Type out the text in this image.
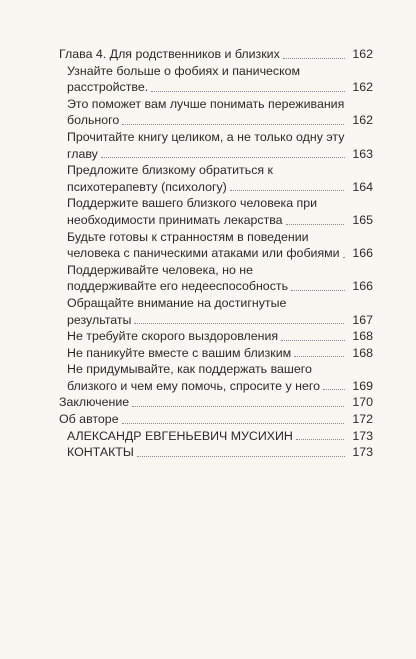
Глава 4. Для родственников и близких	162
Узнайте больше о фобиях и паническом расстройстве.	162
Это поможет вам лучше понимать переживания больного	162
Прочитайте книгу целиком, а не только одну эту главу	163
Предложите близкому обратиться к психотерапевту (психологу)	164
Поддержите вашего близкого человека при необходимости принимать лекарства	165
Будьте готовы к странностям в поведении человека с паническими атаками или фобиями	166
Поддерживайте человека, но не поддерживайте его недееспособность	166
Обращайте внимание на достигнутые результаты	167
Не требуйте скорого выздоровления	168
Не паникуйте вместе с вашим близким	168
Не придумывайте, как поддержать вашего близкого и чем ему помочь, спросите у него	169
Заключение	170
Об авторе	172
АЛЕКСАНДР ЕВГЕНЬЕВИЧ МУСИХИН	173
КОНТАКТЫ	173
